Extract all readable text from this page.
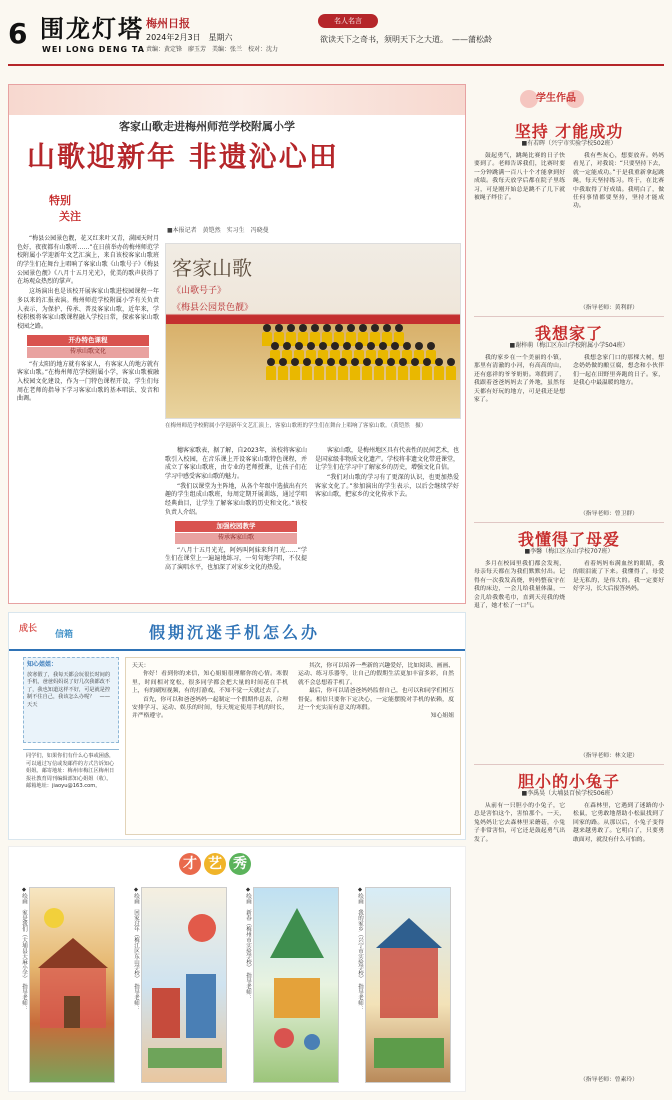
6 围龙灯塔
WEI LONG DENG TA
梅州日报
2024年2月3日　星期六
责编：黄定锋　廖玉芳　美编：张兰　校对：沈力
名人名言
欲读天下之奇书，须明天下之大道。　——蒲松龄
客家山歌走进梅州师范学校附属小学
山歌迎新年 非遗沁心田
特别
关注
■本报记者　黄铠然　实习生　冯晓曼
客家山歌
《山歌号子》
《梅县公园景色靓》
在梅州师范学校附属小学迎新年文艺汇演上，客家山歌班的学生们在舞台上唱响了客家山歌。（黄铠然　摄）

“梅县公园景色靓，花又红来叶又青，满园天时月色好，夜夜都有山歌听……”在日前举办的梅州师范学校附属小学迎新年文艺汇演上，来自该校客家山歌班的学生们在舞台上唱响了客家山歌《山歌号子》《梅县公园景色靓》《八月十五月光光》，优美的歌声获得了在场观众热烈的掌声。

这场演出也是该校开展客家山歌进校园课程一年多以来的汇报表演。梅州师范学校附属小学有关负责人表示，为保护、传承、普及客家山歌，近年来，学校积极将客家山歌课程融入学校日常，探索客家山歌校园之路。

开办特色课程
传承山歌文化

“有太阳的地方就有客家人，有客家人的地方就有客家山歌。”在梅州师范学校附属小学，客家山歌被融入校园文化建设，作为一门特色课程开设，学生们每周在老师的指导下学习客家山歌的基本唱法、发音和曲调。

穗客家歌表，据了解，自2023年，该校将客家山歌引入校园，在音乐课上开设客家山歌特色课程，并成立了客家山歌班，由专业的老师授课，让孩子们在学习中感受客家山歌的魅力。

“我们以课堂为主阵地，从各个年级中选拔出有兴趣的学生组成山歌班，每周定期开展训练，通过学唱经典曲目，让学生了解客家山歌的历史和文化。”该校负责人介绍。

加强校园教学
传承客家山歌

“八月十五月光光，阿妈叫阿妹来拜月光……”学生们在课堂上一遍遍地练习，一句句地学唱，不仅提高了演唱水平，也加深了对家乡文化的热爱。

客家山歌，是梅州地区具有代表性的民间艺术，也是国家级非物质文化遗产。学校将非遗文化带进课堂，让学生们在学习中了解家乡的历史，增强文化自信。

“我们对山歌的学习有了更深的认识，也更加热爱客家文化了。”参加演出的学生表示，以后会继续学好客家山歌，把家乡的文化传承下去。

学生作品
坚持 才能成功
■有若晖（兴宁市实验学校502班）

鼓起勇气，跳绳比赛的日子快要到了。老师告诉我们，比赛时要一分钟跳满一百八十个才能拿到好成绩。我每天放学后都在院子里练习，可是刚开始总是跳不了几下就被绳子绊住了。

我有些灰心，想要放弃。妈妈看见了，对我说：“只要坚持下去，就一定能成功。”于是我重新拿起跳绳，每天坚持练习。终于，在比赛中我取得了好成绩。我明白了，做任何事情都要坚持，坚持才能成功。

（指导老师：黄利群）
我想家了
■谢梓萌（梅江区东山学校附属小学504班）

我的家乡在一个美丽的小镇，那里有清澈的小河，有高高的山，还有慈祥的爷爷奶奶。寒假到了，我跟着爸爸妈妈去了外地，虽然每天都有好玩的地方，可是我还是想家了。

我想念家门口的那棵大树，想念奶奶做的酿豆腐，想念和小伙伴们一起在田野里奔跑的日子。家，是我心中最温暖的地方。

（指导老师：曾卫群）
我懂得了母爱
■李馨（梅江区东山学校707班）

多月在校园里我们都会发现，母亲每天都在为我们默默付出。记得有一次我发高烧，妈妈整夜守在我的床边，一会儿给我量体温，一会儿给我敷毛巾，直到天亮我的烧退了，她才松了一口气。

看着妈妈布满血丝的眼睛，我的眼泪流了下来。我懂得了，母爱是无私的，是伟大的。我一定要好好学习，长大后报答妈妈。

（指导老师：林文建）
胆小的小兔子
■李禹昊（大埔县百侯学校506班）

从前有一只胆小的小兔子，它总是害怕这个，害怕那个。一天，兔妈妈让它去森林里采蘑菇，小兔子非常害怕，可它还是鼓起勇气出发了。

在森林里，它遇到了迷路的小松鼠，它勇敢地帮助小松鼠找到了回家的路。从那以后，小兔子变得越来越勇敢了。它明白了，只要勇敢面对，就没有什么可怕的。

（指导老师：曾素玲）
成长
信箱	假期沉迷手机怎么办
知心姐姐：
放寒假了，我每天都会玩很长时间的手机，爸爸妈妈说了好几次我都改不了，我也知道这样不好，可是就是控制不住自己，我该怎么办呢？　——天天
同学们，如果你们有什么心事或困惑，可以通过写信或发邮件的方式告诉知心姐姐。邮寄地址：梅州市梅江区梅州日报社教育周刊编辑部知心姐姐（收）。邮箱地址：jiaoyu@163.com。

天天：

你好！看到你的来信，知心姐姐很理解你的心情。寒假里，时间相对宽松，很多同学都会把大量的时间花在手机上，有的刷短视频，有的打游戏，不知不觉一天就过去了。

首先，你可以和爸爸妈妈一起制定一个假期作息表，合理安排学习、运动、娱乐的时间，每天规定使用手机的时长，并严格遵守。

其次，你可以培养一些新的兴趣爱好，比如阅读、画画、运动、练习乐器等，让自己的假期生活更加丰富多彩，自然就不会总想着手机了。

最后，你可以请爸爸妈妈监督自己，也可以和同学们相互督促。相信只要你下定决心，一定能摆脱对手机的依赖，度过一个充实而有意义的寒假。

知心姐姐

才 艺 秀
◆绘画　家是我们（大埔县大麻小学）　指导老师：	◆绘画　回家过年（梅江区东山学校）　指导老师：	◆绘画　新春（梅州市实验学校）　指导老师：	◆绘画　我的家乡（兴宁市实验学校）　指导老师：
